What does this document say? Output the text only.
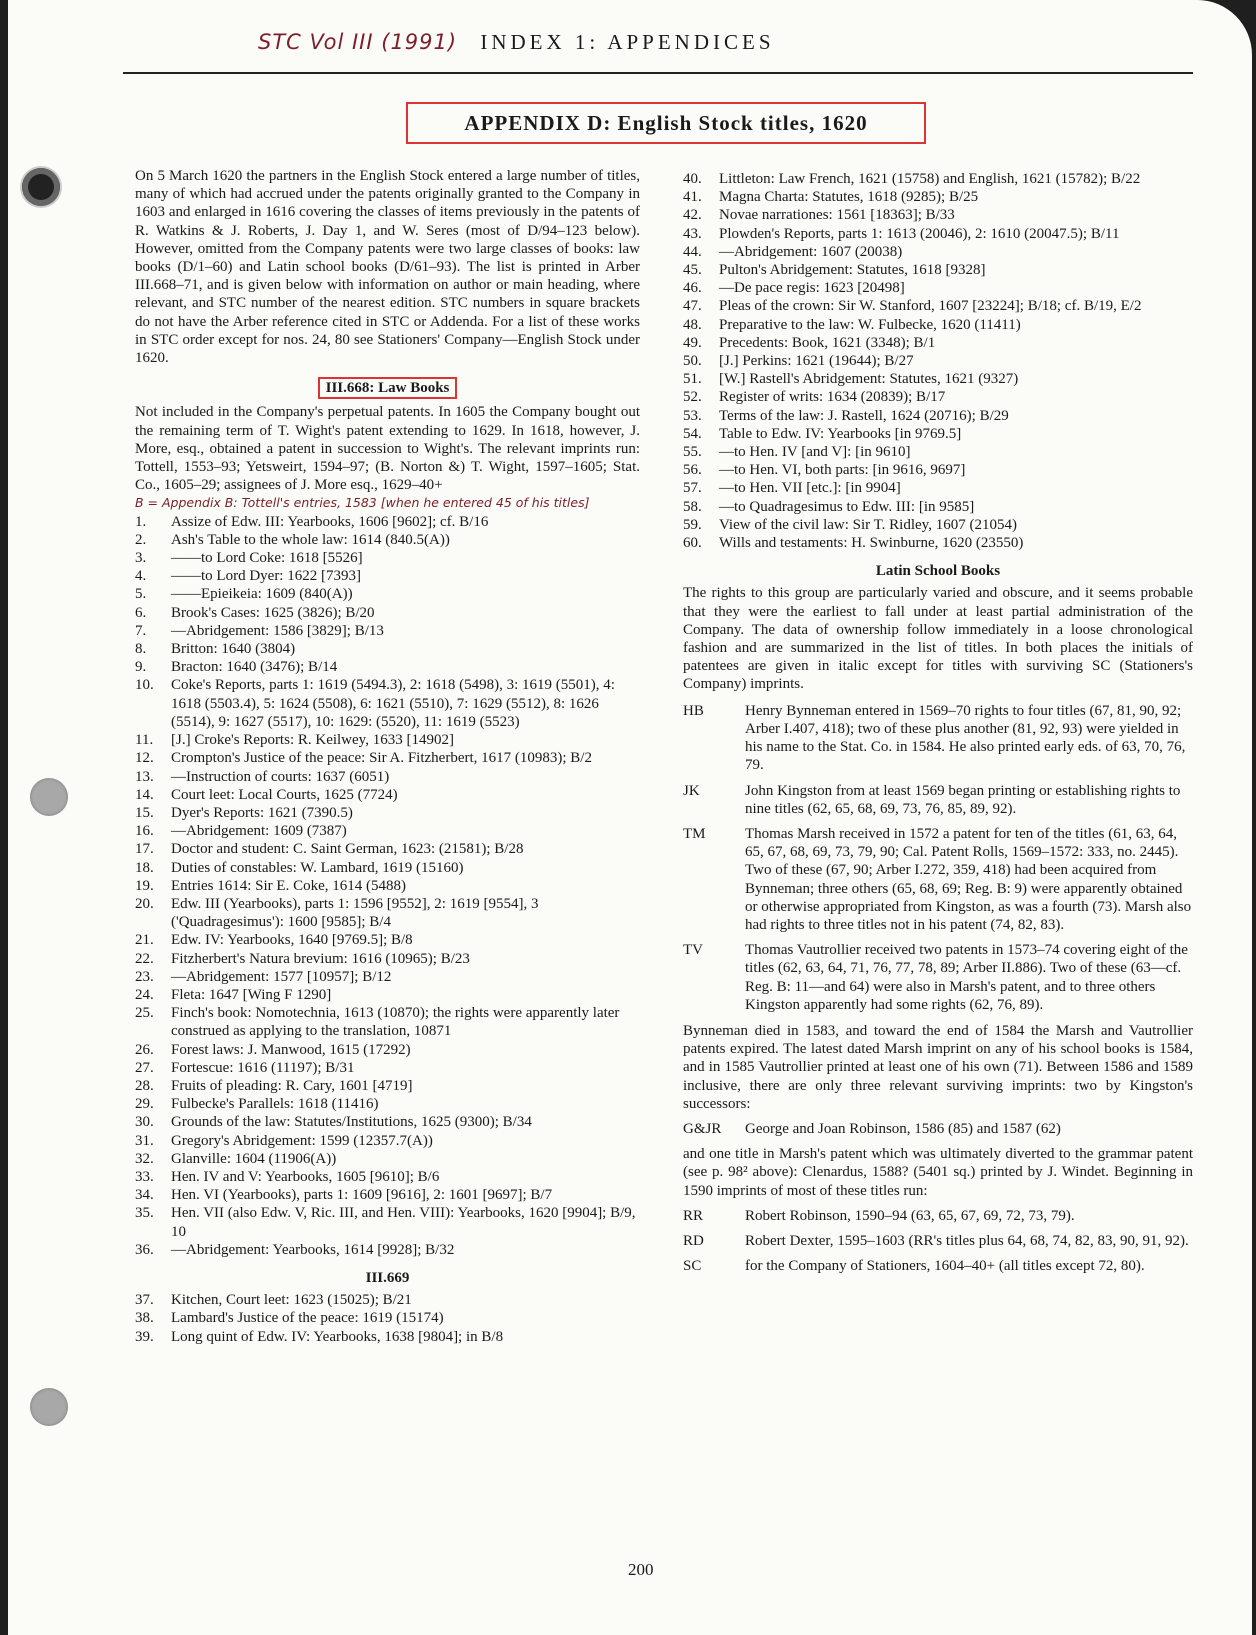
STC Vol III (1991) INDEX 1: APPENDICES
APPENDIX D: English Stock titles, 1620

On 5 March 1620 the partners in the English Stock entered a large number of titles, many of which had accrued under the patents originally granted to the Company in 1603 and enlarged in 1616 covering the classes of items previously in the patents of R. Watkins & J. Roberts, J. Day 1, and W. Seres (most of D/94–123 below). However, omitted from the Company patents were two large classes of books: law books (D/1–60) and Latin school books (D/61–93). The list is printed in Arber III.668–71, and is given below with information on author or main heading, where relevant, and STC number of the nearest edition. STC numbers in square brackets do not have the Arber reference cited in STC or Addenda. For a list of these works in STC order except for nos. 24, 80 see Stationers' Company—English Stock under 1620.

III.668: Law Books

Not included in the Company's perpetual patents. In 1605 the Company bought out the remaining term of T. Wight's patent extending to 1629. In 1618, however, J. More, esq., obtained a patent in succession to Wight's. The relevant imprints run: Tottell, 1553–93; Yetsweirt, 1594–97; (B. Norton &) T. Wight, 1597–1605; Stat. Co., 1605–29; assignees of J. More esq., 1629–40+

B = Appendix B: Tottell's entries, 1583 [when he entered 45 of his titles]
1.	Assize of Edw. III: Yearbooks, 1606 [9602]; cf. B/16
2.	Ash's Table to the whole law: 1614 (840.5(A))
3.	——to Lord Coke: 1618 [5526]
4.	——to Lord Dyer: 1622 [7393]
5.	——Epieikeia: 1609 (840(A))
6.	Brook's Cases: 1625 (3826); B/20
7.	—Abridgement: 1586 [3829]; B/13
8.	Britton: 1640 (3804)
9.	Bracton: 1640 (3476); B/14
10.	Coke's Reports, parts 1: 1619 (5494.3), 2: 1618 (5498), 3: 1619 (5501), 4: 1618 (5503.4), 5: 1624 (5508), 6: 1621 (5510), 7: 1629 (5512), 8: 1626 (5514), 9: 1627 (5517), 10: 1629: (5520), 11: 1619 (5523)
11.	[J.] Croke's Reports: R. Keilwey, 1633 [14902]
12.	Crompton's Justice of the peace: Sir A. Fitzherbert, 1617 (10983); B/2
13.	—Instruction of courts: 1637 (6051)
14.	Court leet: Local Courts, 1625 (7724)
15.	Dyer's Reports: 1621 (7390.5)
16.	—Abridgement: 1609 (7387)
17.	Doctor and student: C. Saint German, 1623: (21581); B/28
18.	Duties of constables: W. Lambard, 1619 (15160)
19.	Entries 1614: Sir E. Coke, 1614 (5488)
20.	Edw. III (Yearbooks), parts 1: 1596 [9552], 2: 1619 [9554], 3 ('Quadragesimus'): 1600 [9585]; B/4
21.	Edw. IV: Yearbooks, 1640 [9769.5]; B/8
22.	Fitzherbert's Natura brevium: 1616 (10965); B/23
23.	—Abridgement: 1577 [10957]; B/12
24.	Fleta: 1647 [Wing F 1290]
25.	Finch's book: Nomotechnia, 1613 (10870); the rights were apparently later construed as applying to the translation, 10871
26.	Forest laws: J. Manwood, 1615 (17292)
27.	Fortescue: 1616 (11197); B/31
28.	Fruits of pleading: R. Cary, 1601 [4719]
29.	Fulbecke's Parallels: 1618 (11416)
30.	Grounds of the law: Statutes/Institutions, 1625 (9300); B/34
31.	Gregory's Abridgement: 1599 (12357.7(A))
32.	Glanville: 1604 (11906(A))
33.	Hen. IV and V: Yearbooks, 1605 [9610]; B/6
34.	Hen. VI (Yearbooks), parts 1: 1609 [9616], 2: 1601 [9697]; B/7
35.	Hen. VII (also Edw. V, Ric. III, and Hen. VIII): Yearbooks, 1620 [9904]; B/9, 10
36.	—Abridgement: Yearbooks, 1614 [9928]; B/32
III.669
37.	Kitchen, Court leet: 1623 (15025); B/21
38.	Lambard's Justice of the peace: 1619 (15174)
39.	Long quint of Edw. IV: Yearbooks, 1638 [9804]; in B/8
40.	Littleton: Law French, 1621 (15758) and English, 1621 (15782); B/22
41.	Magna Charta: Statutes, 1618 (9285); B/25
42.	Novae narrationes: 1561 [18363]; B/33
43.	Plowden's Reports, parts 1: 1613 (20046), 2: 1610 (20047.5); B/11
44.	—Abridgement: 1607 (20038)
45.	Pulton's Abridgement: Statutes, 1618 [9328]
46.	—De pace regis: 1623 [20498]
47.	Pleas of the crown: Sir W. Stanford, 1607 [23224]; B/18; cf. B/19, E/2
48.	Preparative to the law: W. Fulbecke, 1620 (11411)
49.	Precedents: Book, 1621 (3348); B/1
50.	[J.] Perkins: 1621 (19644); B/27
51.	[W.] Rastell's Abridgement: Statutes, 1621 (9327)
52.	Register of writs: 1634 (20839); B/17
53.	Terms of the law: J. Rastell, 1624 (20716); B/29
54.	Table to Edw. IV: Yearbooks [in 9769.5]
55.	—to Hen. IV [and V]: [in 9610]
56.	—to Hen. VI, both parts: [in 9616, 9697]
57.	—to Hen. VII [etc.]: [in 9904]
58.	—to Quadragesimus to Edw. III: [in 9585]
59.	View of the civil law: Sir T. Ridley, 1607 (21054)
60.	Wills and testaments: H. Swinburne, 1620 (23550)
Latin School Books

The rights to this group are particularly varied and obscure, and it seems probable that they were the earliest to fall under at least partial administration of the Company. The data of ownership follow immediately in a loose chronological fashion and are summarized in the list of titles. In both places the initials of patentees are given in italic except for titles with surviving SC (Stationers's Company) imprints.

HB	Henry Bynneman entered in 1569–70 rights to four titles (67, 81, 90, 92; Arber I.407, 418); two of these plus another (81, 92, 93) were yielded in his name to the Stat. Co. in 1584. He also printed early eds. of 63, 70, 76, 79.
JK	John Kingston from at least 1569 began printing or establishing rights to nine titles (62, 65, 68, 69, 73, 76, 85, 89, 92).
TM	Thomas Marsh received in 1572 a patent for ten of the titles (61, 63, 64, 65, 67, 68, 69, 73, 79, 90; Cal. Patent Rolls, 1569–1572: 333, no. 2445). Two of these (67, 90; Arber I.272, 359, 418) had been acquired from Bynneman; three others (65, 68, 69; Reg. B: 9) were apparently obtained or otherwise appropriated from Kingston, as was a fourth (73). Marsh also had rights to three titles not in his patent (74, 82, 83).
TV	Thomas Vautrollier received two patents in 1573–74 covering eight of the titles (62, 63, 64, 71, 76, 77, 78, 89; Arber II.886). Two of these (63—cf. Reg. B: 11—and 64) were also in Marsh's patent, and to three others Kingston apparently had some rights (62, 76, 89).

Bynneman died in 1583, and toward the end of 1584 the Marsh and Vautrollier patents expired. The latest dated Marsh imprint on any of his school books is 1584, and in 1585 Vautrollier printed at least one of his own (71). Between 1586 and 1589 inclusive, there are only three relevant surviving imprints: two by Kingston's successors:

G&JR	George and Joan Robinson, 1586 (85) and 1587 (62)

and one title in Marsh's patent which was ultimately diverted to the grammar patent (see p. 98² above): Clenardus, 1588? (5401 sq.) printed by J. Windet. Beginning in 1590 imprints of most of these titles run:

RR	Robert Robinson, 1590–94 (63, 65, 67, 69, 72, 73, 79).
RD	Robert Dexter, 1595–1603 (RR's titles plus 64, 68, 74, 82, 83, 90, 91, 92).
SC	for the Company of Stationers, 1604–40+ (all titles except 72, 80).
200
